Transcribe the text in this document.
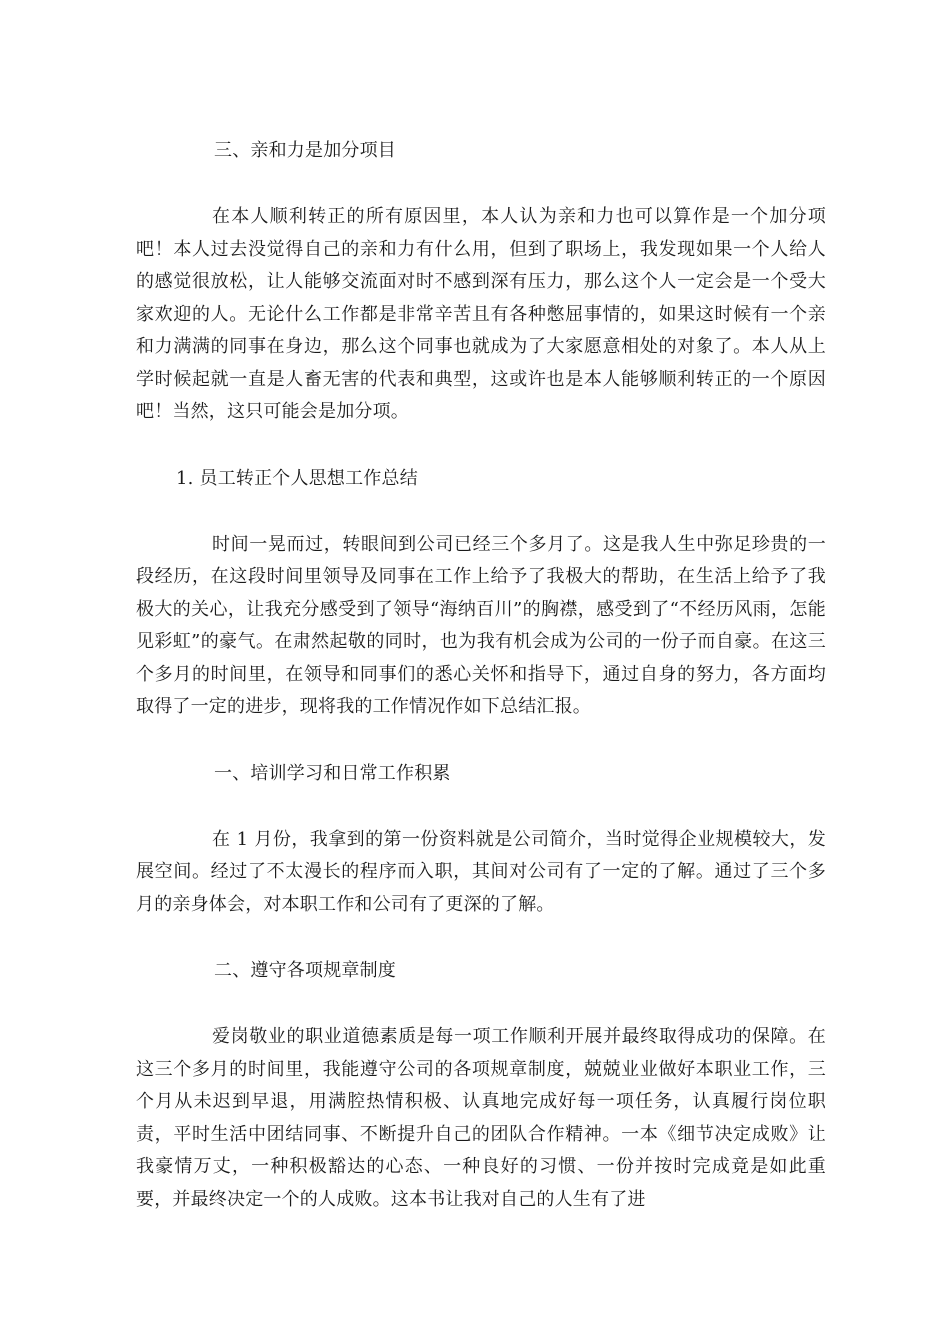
三、亲和力是加分项目

在本人顺利转正的所有原因里，本人认为亲和力也可以算作是一个加分项吧！本人过去没觉得自己的亲和力有什么用，但到了职场上，我发现如果一个人给人的感觉很放松，让人能够交流面对时不感到深有压力，那么这个人一定会是一个受大家欢迎的人。无论什么工作都是非常辛苦且有各种憋屈事情的，如果这时候有一个亲和力满满的同事在身边，那么这个同事也就成为了大家愿意相处的对象了。本人从上学时候起就一直是人畜无害的代表和典型，这或许也是本人能够顺利转正的一个原因吧！当然，这只可能会是加分项。

1. 员工转正个人思想工作总结

时间一晃而过，转眼间到公司已经三个多月了。这是我人生中弥足珍贵的一段经历，在这段时间里领导及同事在工作上给予了我极大的帮助，在生活上给予了我极大的关心，让我充分感受到了领导“海纳百川”的胸襟，感受到了“不经历风雨，怎能见彩虹”的豪气。在肃然起敬的同时，也为我有机会成为公司的一份子而自豪。在这三个多月的时间里，在领导和同事们的悉心关怀和指导下，通过自身的努力，各方面均取得了一定的进步，现将我的工作情况作如下总结汇报。

一、培训学习和日常工作积累

在 1 月份，我拿到的第一份资料就是公司简介，当时觉得企业规模较大，发展空间。经过了不太漫长的程序而入职，其间对公司有了一定的了解。通过了三个多月的亲身体会，对本职工作和公司有了更深的了解。

二、遵守各项规章制度

爱岗敬业的职业道德素质是每一项工作顺利开展并最终取得成功的保障。在这三个多月的时间里，我能遵守公司的各项规章制度，兢兢业业做好本职业工作，三个月从未迟到早退，用满腔热情积极、认真地完成好每一项任务，认真履行岗位职责，平时生活中团结同事、不断提升自己的团队合作精神。一本《细节决定成败》让我豪情万丈，一种积极豁达的心态、一种良好的习惯、一份并按时完成竟是如此重要，并最终决定一个的人成败。这本书让我对自己的人生有了进
